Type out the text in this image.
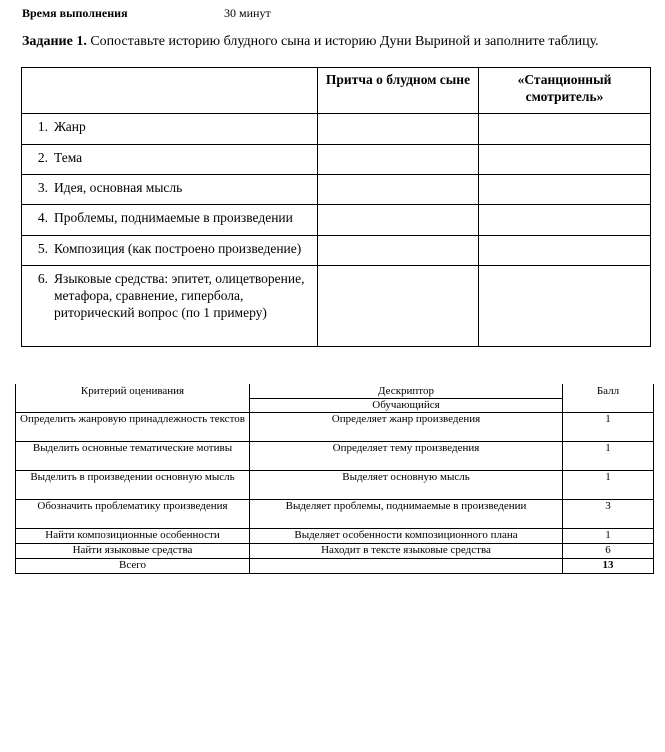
Время выполнения	30 минут
Задание 1. Сопоставьте историю блудного сына и историю Дуни Выриной и заполните таблицу.
	Притча о блудном сыне	«Станционный смотритель»
1. Жанр		
2. Тема		
3. Идея, основная мысль		
4. Проблемы, поднимаемые в произведении		
5. Композиция (как построено произведение)		

6. Языковые средства: эпитет, олицетворение, метафора, сравнение, гипербола, риторический вопрос (по 1 примеру)		

Критерий оценивания	Дескриптор	Балл
	Обучающийся	
Определить жанровую принадлежность текстов	Определяет жанр произведения	1
Выделить основные тематические мотивы	Определяет тему произведения	1
Выделить в произведении основную мысль	Выделяет основную мысль	1
Обозначить проблематику произведения	Выделяет проблемы, поднимаемые в произведении	3
Найти композиционные особенности	Выделяет особенности композиционного плана	1
Найти языковые средства	Находит в тексте языковые средства	6
Всего		13
